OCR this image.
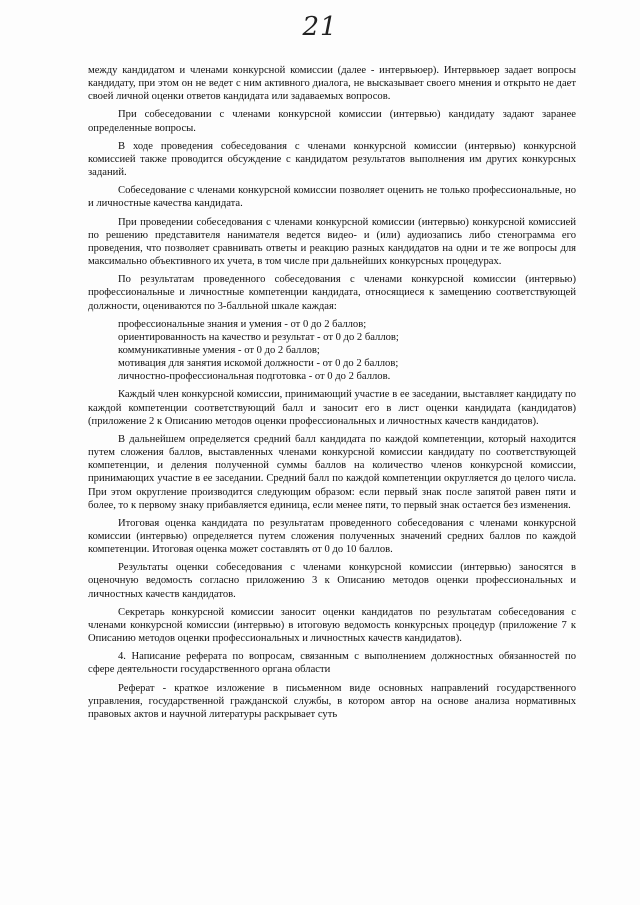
21

между кандидатом и членами конкурсной комиссии (далее - интервьюер). Интервьюер задает вопросы кандидату, при этом он не ведет с ним активного диалога, не высказывает своего мнения и открыто не дает своей личной оценки ответов кандидата или задаваемых вопросов.

При собеседовании с членами конкурсной комиссии (интервью) кандидату задают заранее определенные вопросы.

В ходе проведения собеседования с членами конкурсной комиссии (интервью) конкурсной комиссией также проводится обсуждение с кандидатом результатов выполнения им других конкурсных заданий.

Собеседование с членами конкурсной комиссии позволяет оценить не только профессиональные, но и личностные качества кандидата.

При проведении собеседования с членами конкурсной комиссии (интервью) конкурсной комиссией по решению представителя нанимателя ведется видео- и (или) аудиозапись либо стенограмма его проведения, что позволяет сравнивать ответы и реакцию разных кандидатов на одни и те же вопросы для максимально объективного их учета, в том числе при дальнейших конкурсных процедурах.

По результатам проведенного собеседования с членами конкурсной комиссии (интервью) профессиональные и личностные компетенции кандидата, относящиеся к замещению соответствующей должности, оцениваются по 3-балльной шкале каждая:

профессиональные знания и умения - от 0 до 2 баллов;
ориентированность на качество и результат - от 0 до 2 баллов;
коммуникативные умения - от 0 до 2 баллов;
мотивация для занятия искомой должности - от 0 до 2 баллов;
личностно-профессиональная подготовка - от 0 до 2 баллов.

Каждый член конкурсной комиссии, принимающий участие в ее заседании, выставляет кандидату по каждой компетенции соответствующий балл и заносит его в лист оценки кандидата (кандидатов) (приложение 2 к Описанию методов оценки профессиональных и личностных качеств кандидатов).

В дальнейшем определяется средний балл кандидата по каждой компетенции, который находится путем сложения баллов, выставленных членами конкурсной комиссии кандидату по соответствующей компетенции, и деления полученной суммы баллов на количество членов конкурсной комиссии, принимающих участие в ее заседании. Средний балл по каждой компетенции округляется до целого числа. При этом округление производится следующим образом: если первый знак после запятой равен пяти и более, то к первому знаку прибавляется единица, если менее пяти, то первый знак остается без изменения.

Итоговая оценка кандидата по результатам проведенного собеседования с членами конкурсной комиссии (интервью) определяется путем сложения полученных значений средних баллов по каждой компетенции. Итоговая оценка может составлять от 0 до 10 баллов.

Результаты оценки собеседования с членами конкурсной комиссии (интервью) заносятся в оценочную ведомость согласно приложению 3 к Описанию методов оценки профессиональных и личностных качеств кандидатов.

Секретарь конкурсной комиссии заносит оценки кандидатов по результатам собеседования с членами конкурсной комиссии (интервью) в итоговую ведомость конкурсных процедур (приложение 7 к Описанию методов оценки профессиональных и личностных качеств кандидатов).

4. Написание реферата по вопросам, связанным с выполнением должностных обязанностей по сфере деятельности государственного органа области

Реферат - краткое изложение в письменном виде основных направлений государственного управления, государственной гражданской службы, в котором автор на основе анализа нормативных правовых актов и научной литературы раскрывает суть
